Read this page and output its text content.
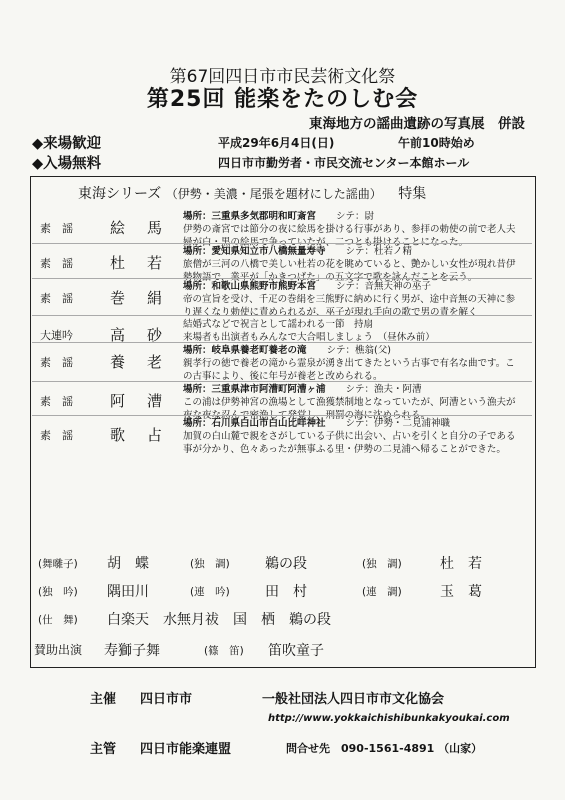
第67回四日市市民芸術文化祭
第25回 能楽をたのしむ会
東海地方の謡曲遺跡の写真展　併設
◆来場歓迎
◆入場無料
平成29年6月4日(日)	午前10時始め
四日市市勤労者・市民交流センター本館ホール
東海シリーズ （伊勢・美濃・尾張を題材にした謡曲） 特集
素　謡 絵馬
場所：三重県多気郡明和町斎宮 シテ：尉
伊勢の斎宮では節分の夜に絵馬を掛ける行事があり、参拝の勅使の前で老人夫婦が白・黒の絵馬で争っていたが、二つとも掛けることになった。
素　謡 杜若
場所：愛知県知立市八橋無量寿寺 シテ：杜若ノ精
旅僧が三河の八橋で美しい杜若の花を眺めていると、艶かしい女性が現れ昔伊勢物語で、業平が「かきつばた」の五文字で歌を詠んだことを云う。
素　謡 巻絹
場所：和歌山県熊野市熊野本宮 シテ：音無天神の巫子
帝の宣旨を受け、千疋の巻絹を三熊野に納めに行く男が、途中音無の天神に参り遅くなり勅使に責められるが、巫子が現れ手向の歌で男の責を解く
大連吟 高砂
結婚式などで祝言として謡われる一節　持扇
来場者も出演者もみんなで大合唱しましょう　（昼休み前）
素　謡 養老
場所：岐阜県養老町養老の滝 シテ：樵翁(父)
親孝行の徳で養老の滝から霊泉が湧き出てきたという古事で有名な曲です。この古事により、後に年号が養老と改められる。
素　謡 阿漕
場所：三重県津市阿漕町阿漕ヶ浦 シテ：漁夫・阿漕
この浦は伊勢神宮の漁場として漁獲禁制地となっていたが、阿漕という漁夫が夜な夜な忍んで密漁して発覚し、刑罰の海に沈められる。
素　謡 歌占
場所：石川県白山市白山比咩神社 シテ：伊勢・二見浦神職
加賀の白山麓で親をさがしている子供に出会い、占いを引くと自分の子である事が分かり、色々あったが無事ふる里・伊勢の二見浦へ帰ることができた。
(舞囃子) 胡　蝶	(独　調)	鵜の段	(独　調)	杜　若
(独　吟) 隅田川	(連　吟)	田　村	(連　調)	玉　葛
(仕　舞) 白楽天　水無月祓　国　栖　鵜の段
賛助出演 寿獅子舞	(篠　笛) 笛吹童子
主催 四日市市	一般社団法人四日市市文化協会
http://www.yokkaichishibunkakyoukai.com
主管 四日市能楽連盟	問合せ先　090-1561-4891 （山家）
